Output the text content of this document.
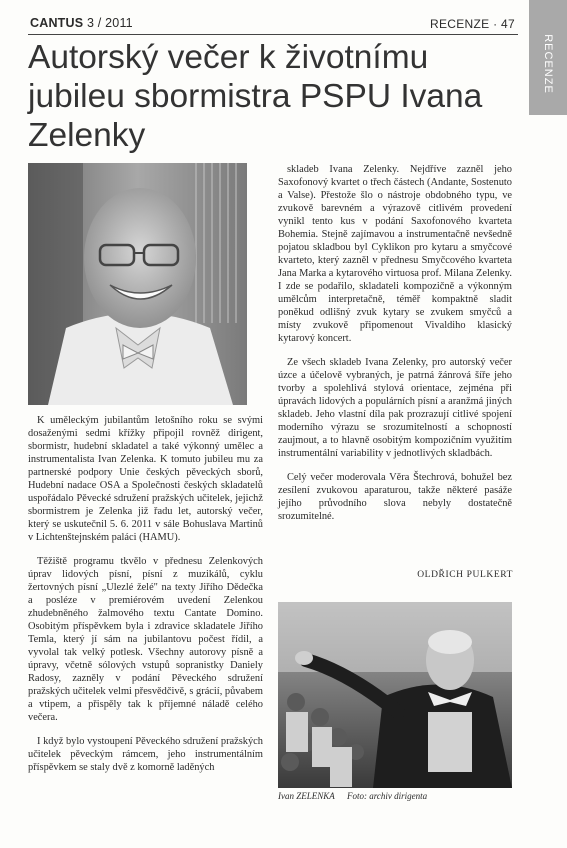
CANTUS 3 / 2011	RECENZE · 47
RECENZE
Autorský večer k životnímu jubileu sbormistra PSPU Ivana Zelenky

K uměleckým jubilantům letošního roku se svými dosaženými sedmi křížky připojil rovněž dirigent, sbormistr, hudební skladatel a také výkonný umělec a instrumentalista Ivan Zelenka. K tomuto jubileu mu za partnerské podpory Unie českých pěveckých sborů, Hudební nadace OSA a Společnosti českých skladatelů uspořádalo Pěvecké sdružení pražských učitelek, jejichž sbormistrem je Zelenka již řadu let, autorský večer, který se uskutečnil 5. 6. 2011 v sále Bohuslava Martinů v Lichtenštejnském paláci (HAMU).

Těžiště programu tkvělo v přednesu Zelenkových úprav lidových písní, písní z muzikálů, cyklu žertovných písní „Ulezlé želé" na texty Jiřího Dědečka a posléze v premiérovém uvedení Zelenkou zhudebněného žalmového textu Cantate Domino. Osobitým příspěvkem byla i zdravice skladatele Jiřího Temla, který jí sám na jubilantovu počest řídil, a vyvolal tak velký potlesk. Všechny autorovy písně a úpravy, včetně sólových vstupů sopranistky Daniely Radosy, zazněly v podání Pěveckého sdružení pražských učitelek velmi přesvědčivě, s grácií, půvabem a vtipem, a přispěly tak k příjemné náladě celého večera.

I když bylo vystoupení Pěveckého sdružení pražských učitelek pěveckým rámcem, jeho instrumentálním příspěvkem se staly dvě z komorně laděných

skladeb Ivana Zelenky. Nejdříve zazněl jeho Saxofonový kvartet o třech částech (Andante, Sostenuto a Valse). Přestože šlo o nástroje obdobného typu, ve zvukově barevném a výrazově citlivém provedení vynikl tento kus v podání Saxofonového kvarteta Bohemia. Stejně zajímavou a instrumentačně nevšedně pojatou skladbou byl Cyklikon pro kytaru a smyčcové kvarteto, který zazněl v přednesu Smyčcového kvarteta Jana Marka a kytarového virtuosa prof. Milana Zelenky. I zde se podařilo, skladateli kompozičně a výkonným umělcům interpretačně, téměř kompaktně sladit poněkud odlišný zvuk kytary se zvukem smyčců a místy zvukově připomenout Vivaldiho klasický kytarový koncert.

Ze všech skladeb Ivana Zelenky, pro autorský večer úzce a účelově vybraných, je patrná žánrová šíře jeho tvorby a spolehlivá stylová orientace, zejména při úpravách lidových a populárních písní a aranžmá jiných skladeb. Jeho vlastní díla pak prozrazují citlivé spojení moderního výrazu se srozumitelností a schopností zaujmout, a to hlavně osobitým kompozičním využitím instrumentální variability v jednotlivých skladbách.

Celý večer moderovala Věra Štechrová, bohužel bez zesílení zvukovou aparaturou, takže některé pasáže jejího průvodního slova nebyly dostatečně srozumitelné.

OLDŘICH PULKERT
Ivan ZELENKA Foto: archiv dirigenta
